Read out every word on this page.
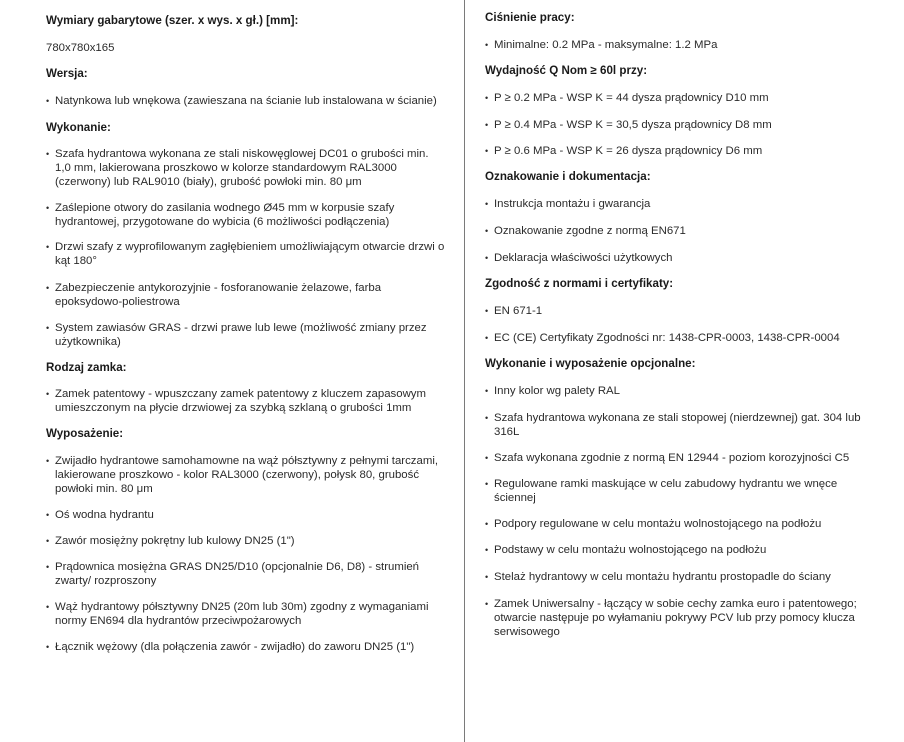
Wymiary gabarytowe (szer. x wys. x gł.) [mm]:
780x780x165
Wersja:
• Natynkowa lub wnękowa (zawieszana na ścianie lub instalowana w ścianie)
Wykonanie:
• Szafa hydrantowa wykonana ze stali niskowęglowej DC01 o grubości min.
1,0 mm, lakierowana proszkowo w kolorze standardowym RAL3000
(czerwony) lub RAL9010 (biały), grubość powłoki min. 80 μm
• Zaślepione otwory do zasilania wodnego Ø45 mm w korpusie szafy
hydrantowej, przygotowane do wybicia (6 możliwości podłączenia)
• Drzwi szafy z wyprofilowanym zagłębieniem umożliwiającym otwarcie drzwi o
kąt 180°
• Zabezpieczenie antykorozyjnie - fosforanowanie żelazowe, farba
epoksydowo-poliestrowa
• System zawiasów GRAS - drzwi prawe lub lewe (możliwość zmiany przez
użytkownika)
Rodzaj zamka:
• Zamek patentowy - wpuszczany zamek patentowy z kluczem zapasowym
umieszczonym na płycie drzwiowej za szybką szklaną o grubości 1mm
Wyposażenie:
• Zwijadło hydrantowe samohamowne na wąż półsztywny z pełnymi tarczami,
lakierowane proszkowo - kolor RAL3000 (czerwony), połysk 80, grubość
powłoki min. 80 μm
• Oś wodna hydrantu
• Zawór mosiężny pokrętny lub kulowy DN25 (1")
• Prądownica mosiężna GRAS DN25/D10 (opcjonalnie D6, D8) - strumień
zwarty/ rozproszony
• Wąż hydrantowy półsztywny DN25 (20m lub 30m) zgodny z wymaganiami
normy EN694 dla hydrantów przeciwpożarowych
• Łącznik wężowy (dla połączenia zawór - zwijadło) do zaworu DN25 (1")
Ciśnienie pracy:
• Minimalne: 0.2 MPa - maksymalne: 1.2 MPa
Wydajność Q Nom ≥ 60l przy:
• P ≥ 0.2 MPa - WSP K = 44 dysza prądownicy D10 mm
• P ≥ 0.4 MPa - WSP K = 30,5 dysza prądownicy D8 mm
• P ≥ 0.6 MPa - WSP K = 26 dysza prądownicy D6 mm
Oznakowanie i dokumentacja:
• Instrukcja montażu i gwarancja
• Oznakowanie zgodne z normą EN671
• Deklaracja właściwości użytkowych
Zgodność z normami i certyfikaty:
• EN 671-1
• EC (CE) Certyfikaty Zgodności nr: 1438-CPR-0003, 1438-CPR-0004
Wykonanie i wyposażenie opcjonalne:
• Inny kolor wg palety RAL
• Szafa hydrantowa wykonana ze stali stopowej (nierdzewnej) gat. 304 lub
316L
• Szafa wykonana zgodnie z normą EN 12944 - poziom korozyjności C5
• Regulowane ramki maskujące w celu zabudowy hydrantu we wnęce
ściennej
• Podpory regulowane w celu montażu wolnostojącego na podłożu
• Podstawy w celu montażu wolnostojącego na podłożu
• Stelaż hydrantowy w celu montażu hydrantu prostopadle do ściany
• Zamek Uniwersalny - łączący w sobie cechy zamka euro i patentowego;
otwarcie następuje po wyłamaniu pokrywy PCV lub przy pomocy klucza
serwisowego
